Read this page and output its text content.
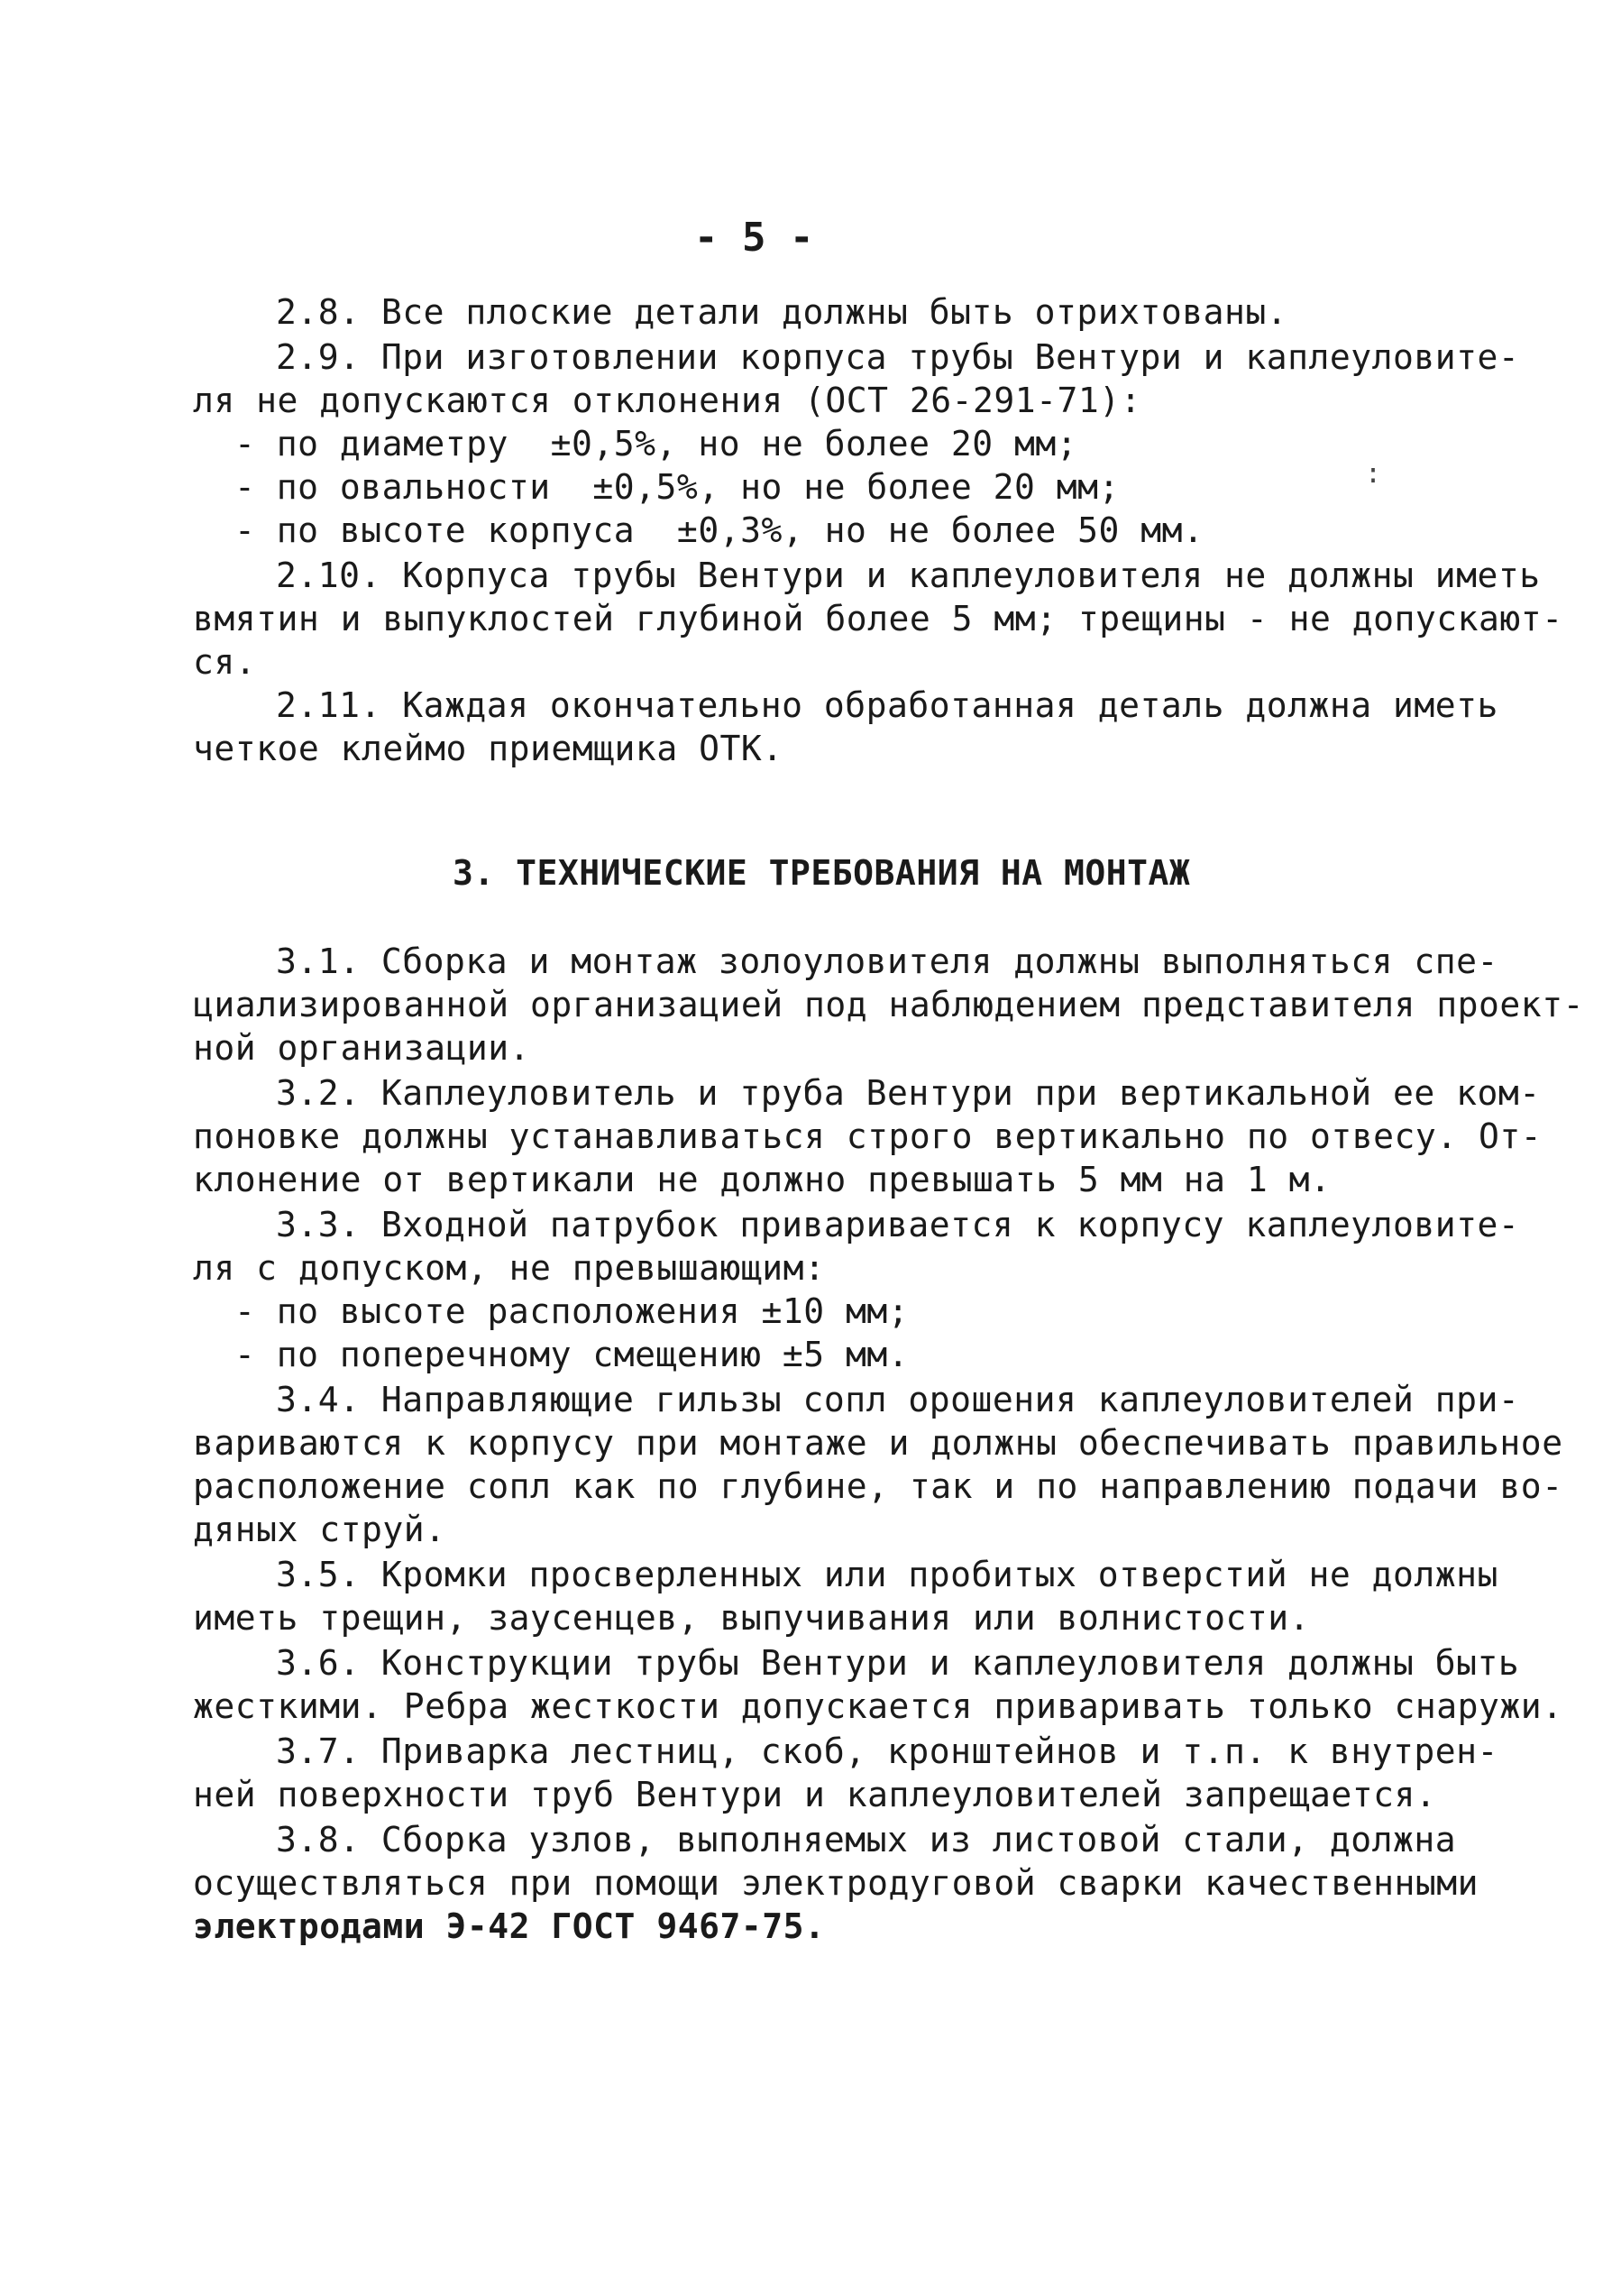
- 5 -
:
2.8. Все плоские детали должны быть отрихтованы.
2.9. При изготовлении корпуса трубы Вентури и каплеуловите-
ля не допускаются отклонения (ОСТ 26-291-71):
- по диаметру  ±0,5%, но не более 20 мм;
- по овальности  ±0,5%, но не более 20 мм;
- по высоте корпуса  ±0,3%, но не более 50 мм.
2.10. Корпуса трубы Вентури и каплеуловителя не должны иметь
вмятин и выпуклостей глубиной более 5 мм; трещины - не допускают-
ся.
2.11. Каждая окончательно обработанная деталь должна иметь
четкое клеймо приемщика ОТК.
3. ТЕХНИЧЕСКИЕ ТРЕБОВАНИЯ НА МОНТАЖ
3.1. Сборка и монтаж золоуловителя должны выполняться спе-
циализированной организацией под наблюдением представителя проект-
ной организации.
3.2. Каплеуловитель и труба Вентури при вертикальной ее ком-
поновке должны устанавливаться строго вертикально по отвесу. От-
клонение от вертикали не должно превышать 5 мм на 1 м.
3.3. Входной патрубок приваривается к корпусу каплеуловите-
ля с допуском, не превышающим:
- по высоте расположения ±10 мм;
- по поперечному смещению ±5 мм.
3.4. Направляющие гильзы сопл орошения каплеуловителей при-
вариваются к корпусу при монтаже и должны обеспечивать правильное
расположение сопл как по глубине, так и по направлению подачи во-
дяных струй.
3.5. Кромки просверленных или пробитых отверстий не должны
иметь трещин, заусенцев, выпучивания или волнистости.
3.6. Конструкции трубы Вентури и каплеуловителя должны быть
жесткими. Ребра жесткости допускается приваривать только снаружи.
3.7. Приварка лестниц, скоб, кронштейнов и т.п. к внутрен-
ней поверхности труб Вентури и каплеуловителей запрещается.
3.8. Сборка узлов, выполняемых из листовой стали, должна
осуществляться при помощи электродуговой сварки качественными
электродами Э-42 ГОСТ 9467-75.
